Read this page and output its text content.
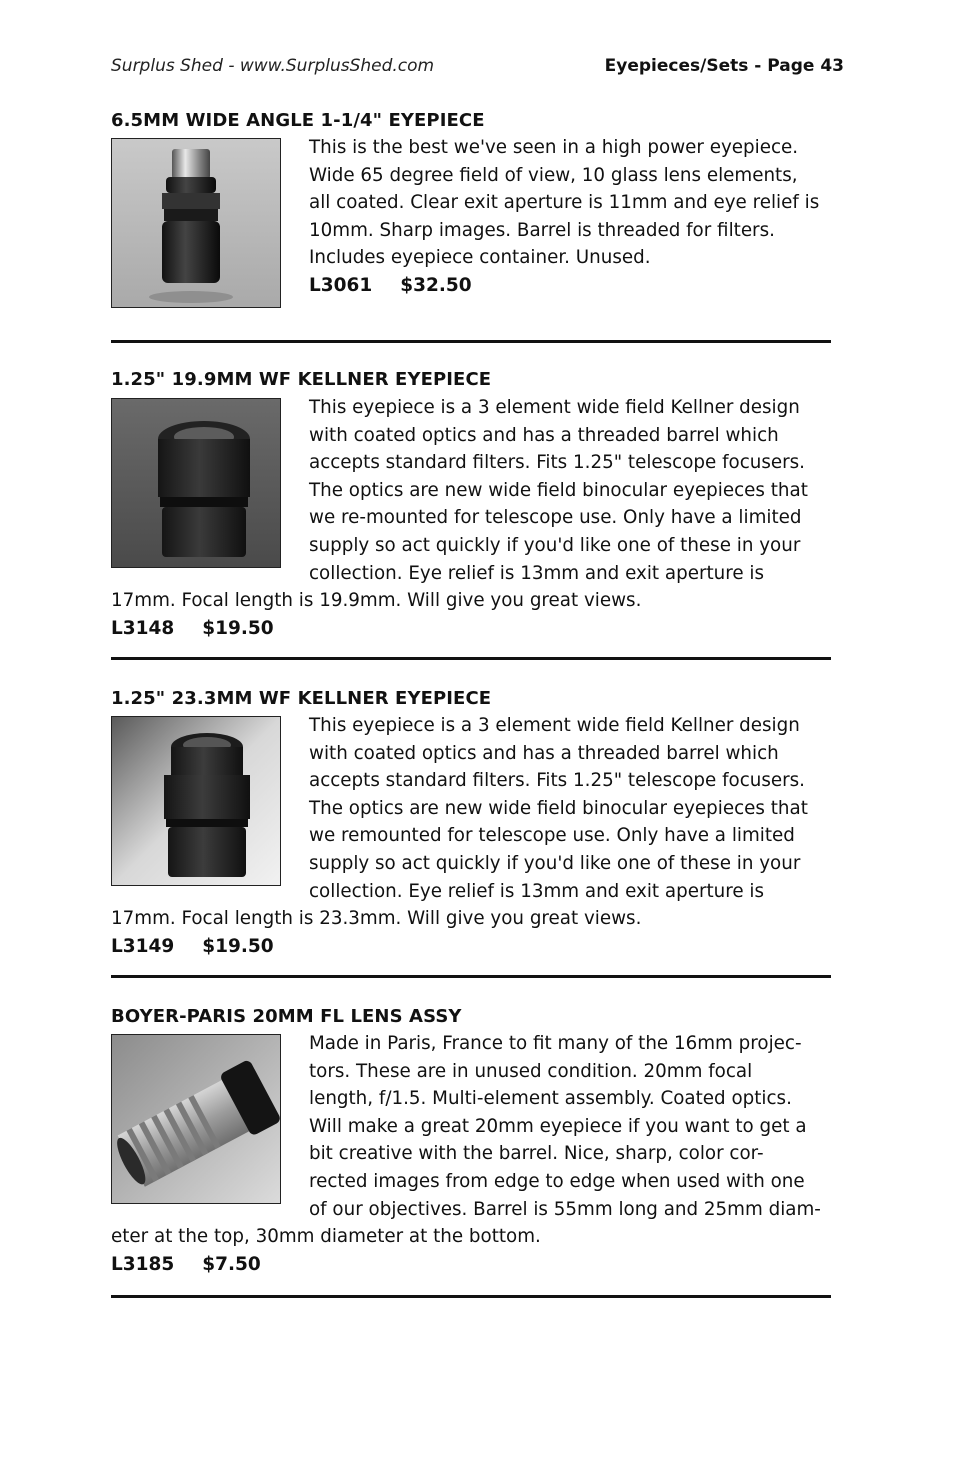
Surplus Shed - www.SurplusShed.com	Eyepieces/Sets - Page 43
6.5MM WIDE ANGLE 1-1/4" EYEPIECE
This is the best we've seen in a high power eyepiece.
Wide 65 degree field of view, 10 glass lens elements,
all coated. Clear exit aperture is 11mm and eye relief is
10mm. Sharp images. Barrel is threaded for filters.
Includes eyepiece container. Unused.
L3061 $32.50
1.25" 19.9MM WF KELLNER EYEPIECE
This eyepiece is a 3 element wide field Kellner design
with coated optics and has a threaded barrel which
accepts standard filters. Fits 1.25" telescope focusers.
The optics are new wide field binocular eyepieces that
we re-mounted for telescope use. Only have a limited
supply so act quickly if you'd like one of these in your
collection. Eye relief is 13mm and exit aperture is
17mm. Focal length is 19.9mm. Will give you great views.
L3148 $19.50
1.25" 23.3MM WF KELLNER EYEPIECE
This eyepiece is a 3 element wide field Kellner design
with coated optics and has a threaded barrel which
accepts standard filters. Fits 1.25" telescope focusers.
The optics are new wide field binocular eyepieces that
we remounted for telescope use. Only have a limited
supply so act quickly if you'd like one of these in your
collection. Eye relief is 13mm and exit aperture is
17mm. Focal length is 23.3mm. Will give you great views.
L3149 $19.50
BOYER-PARIS 20MM FL LENS ASSY
Made in Paris, France to fit many of the 16mm projec-
tors. These are in unused condition. 20mm focal
length, f/1.5. Multi-element assembly. Coated optics.
Will make a great 20mm eyepiece if you want to get a
bit creative with the barrel. Nice, sharp, color cor-
rected images from edge to edge when used with one
of our objectives. Barrel is 55mm long and 25mm diam-
eter at the top, 30mm diameter at the bottom.
L3185 $7.50
